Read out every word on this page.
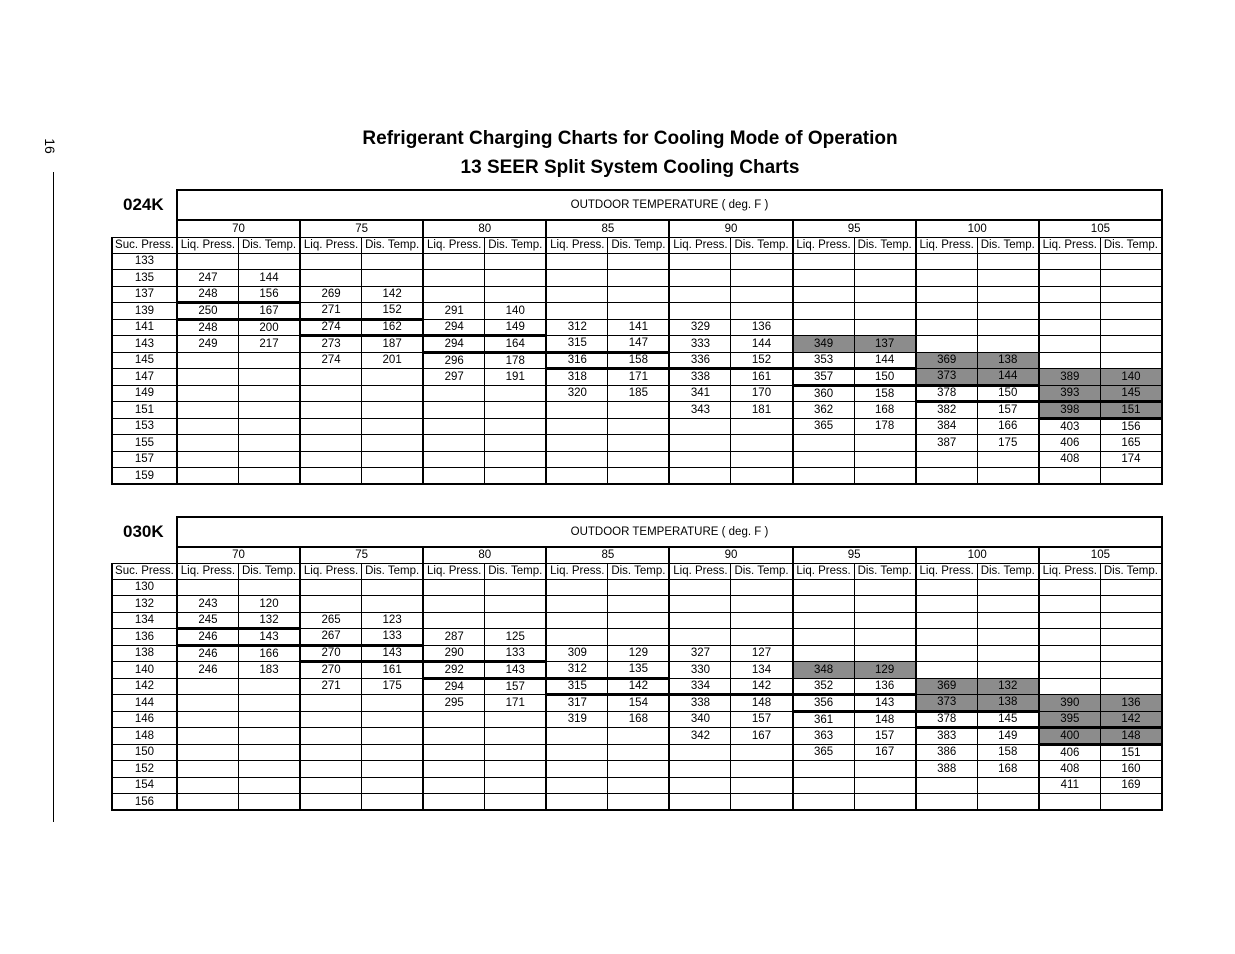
16	Refrigerant Charging Charts for Cooling Mode of Operation
13 SEER Split System Cooling Charts
	OUTDOOR TEMPERATURE ( deg. F )															
	70		75		80		85		90		95		100		105	
Suc. Press.	Liq. Press.	Dis. Temp.	Liq. Press.	Dis. Temp.	Liq. Press.	Dis. Temp.	Liq. Press.	Dis. Temp.	Liq. Press.	Dis. Temp.	Liq. Press.	Dis. Temp.	Liq. Press.	Dis. Temp.	Liq. Press.	Dis. Temp.
133																
135	247	144														
137	248	156	269	142												
139	250	167	271	152	291	140										
141	248	200	274	162	294	149	312	141	329	136						
143	249	217	273	187	294	164	315	147	333	144	349	137				
145			274	201	296	178	316	158	336	152	353	144	369	138		
147					297	191	318	171	338	161	357	150	373	144	389	140
149							320	185	341	170	360	158	378	150	393	145
151									343	181	362	168	382	157	398	151
153											365	178	384	166	403	156
155													387	175	406	165
157															408	174
159																
024K
	OUTDOOR TEMPERATURE ( deg. F )															
	70		75		80		85		90		95		100		105	
Suc. Press.	Liq. Press.	Dis. Temp.	Liq. Press.	Dis. Temp.	Liq. Press.	Dis. Temp.	Liq. Press.	Dis. Temp.	Liq. Press.	Dis. Temp.	Liq. Press.	Dis. Temp.	Liq. Press.	Dis. Temp.	Liq. Press.	Dis. Temp.
130																
132	243	120														
134	245	132	265	123												
136	246	143	267	133	287	125										
138	246	166	270	143	290	133	309	129	327	127						
140	246	183	270	161	292	143	312	135	330	134	348	129				
142			271	175	294	157	315	142	334	142	352	136	369	132		
144					295	171	317	154	338	148	356	143	373	138	390	136
146							319	168	340	157	361	148	378	145	395	142
148									342	167	363	157	383	149	400	148
150											365	167	386	158	406	151
152													388	168	408	160
154															411	169
156																
030K
